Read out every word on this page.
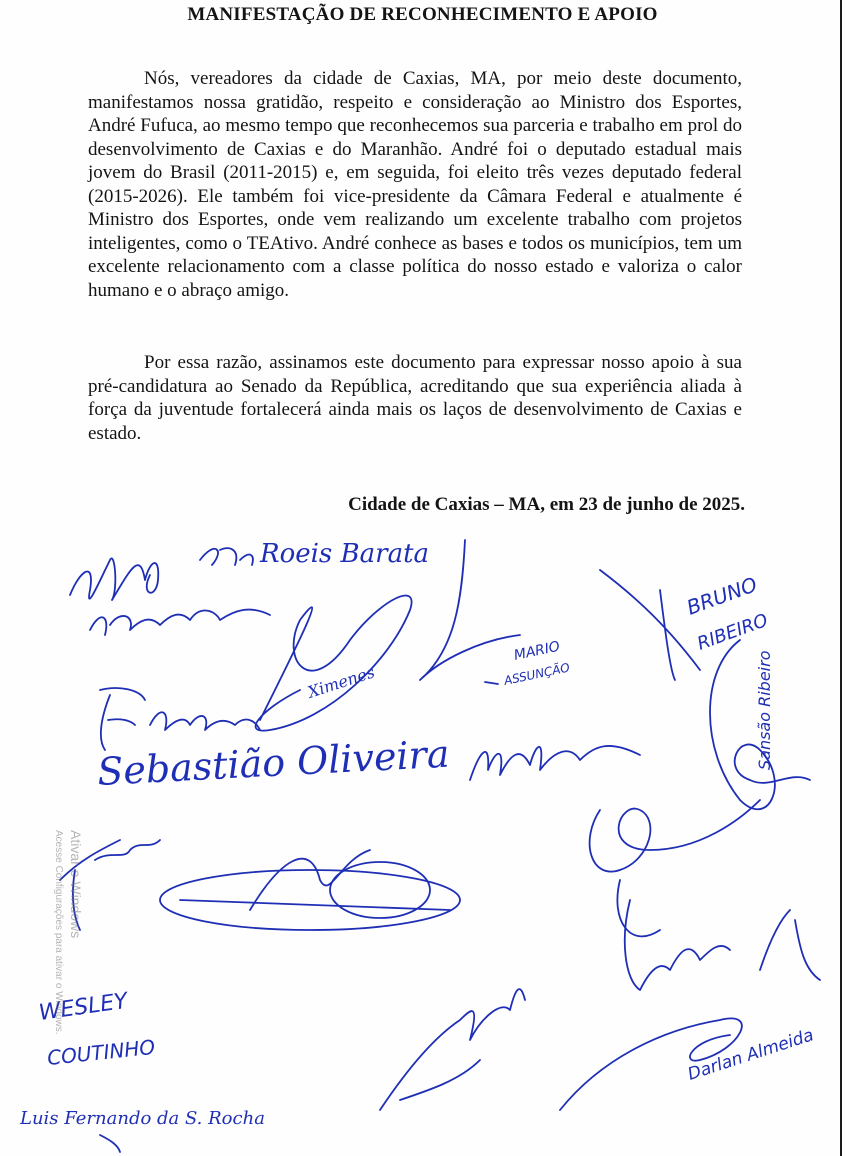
MANIFESTAÇÃO DE RECONHECIMENTO E APOIO

Nós, vereadores da cidade de Caxias, MA, por meio deste documento, manifestamos nossa gratidão, respeito e consideração ao Ministro dos Esportes, André Fufuca, ao mesmo tempo que reconhecemos sua parceria e trabalho em prol do desenvolvimento de Caxias e do Maranhão. André foi o deputado estadual mais jovem do Brasil (2011-2015) e, em seguida, foi eleito três vezes deputado federal (2015-2026). Ele também foi vice-presidente da Câmara Federal e atualmente é Ministro dos Esportes, onde vem realizando um excelente trabalho com projetos inteligentes, como o TEAtivo. André conhece as bases e todos os municípios, tem um excelente relacionamento com a classe política do nosso estado e valoriza o calor humano e o abraço amigo.

Por essa razão, assinamos este documento para expressar nosso apoio à sua pré-candidatura ao Senado da República, acreditando que sua experiência aliada à força da juventude fortalecerá ainda mais os laços de desenvolvimento de Caxias e estado.

Cidade de Caxias – MA, em 23 de junho de 2025.

Roeis Barata
Ximenes
Sebastião Oliveira
MARIO
ASSUNÇÃO
BRUNO
RIBEIRO
Sansão Ribeiro
WESLEY
COUTINHO
Luis Fernando da S. Rocha
Darlan Almeida
Ativar o Windows
Acesse Configurações para ativar o Windows.
